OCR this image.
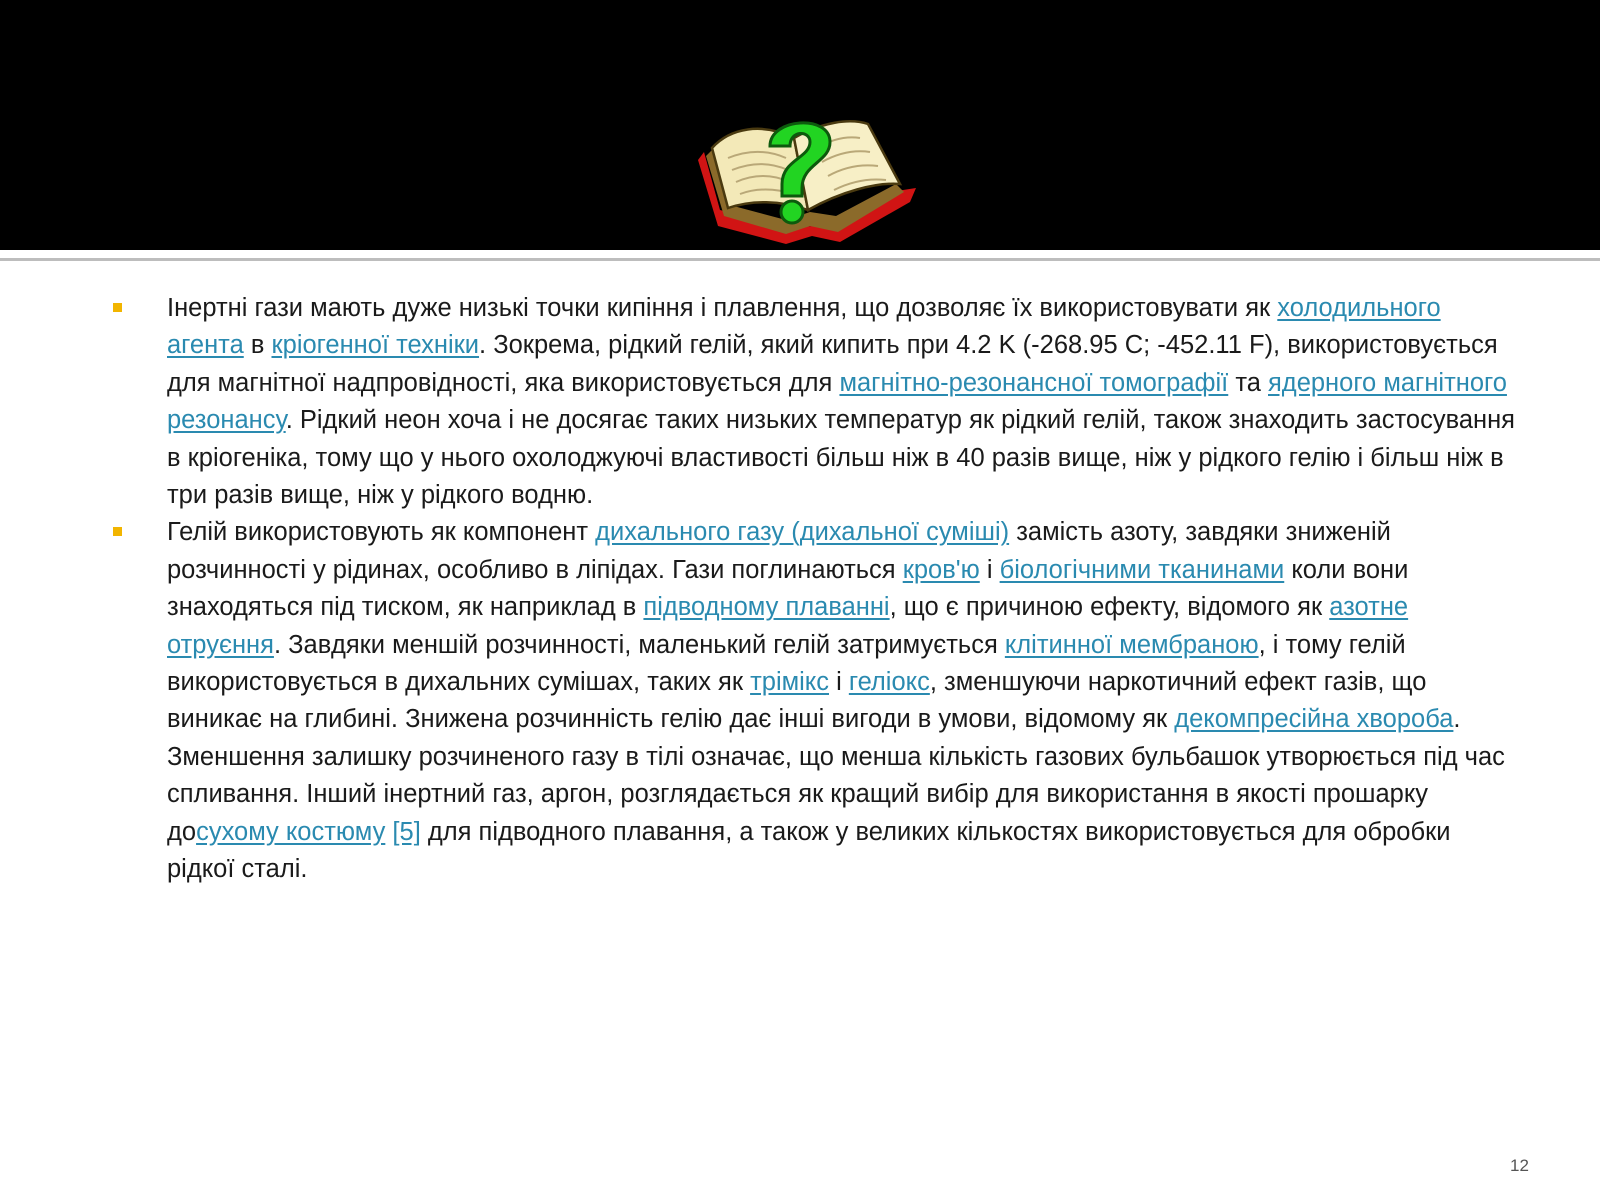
Інертні гази мають дуже низькі точки кипіння і плавлення, що дозволяє їх використовувати як холодильного агента в кріогенної техніки. Зокрема, рідкий гелій, який кипить при 4.2 K (-268.95 C; -452.11 F), використовується для магнітної надпровідності, яка використовується для магнітно-резонансної томографії та ядерного магнітного резонансу. Рідкий неон хоча і не досягає таких низьких температур як рідкий гелій, також знаходить застосування в кріогеніка, тому що у нього охолоджуючі властивості більш ніж в 40 разів вище, ніж у рідкого гелію і більш ніж в три разів вище, ніж у рідкого водню.

Гелій використовують як компонент дихального газу (дихальної суміші) замість азоту, завдяки зниженій розчинності у рідинах, особливо в ліпідах. Гази поглинаються кров'ю і біологічними тканинами коли вони знаходяться під тиском, як наприклад в підводному плаванні, що є причиною ефекту, відомого як азотне отруєння. Завдяки меншій розчинності, маленький гелій затримується клітинної мембраною, і тому гелій використовується в дихальних сумішах, таких як трімікс і геліокс, зменшуючи наркотичний ефект газів, що виникає на глибині. Знижена розчинність гелію дає інші вигоди в умови, відомому як декомпресійна хвороба. Зменшення залишку розчиненого газу в тілі означає, що менша кількість газових бульбашок утворюється під час спливання. Інший інертний газ, аргон, розглядається як кращий вибір для використання в якості прошарку досухому костюму [5] для підводного плавання, а також у великих кількостях використовується для обробки рідкої сталі.

12
